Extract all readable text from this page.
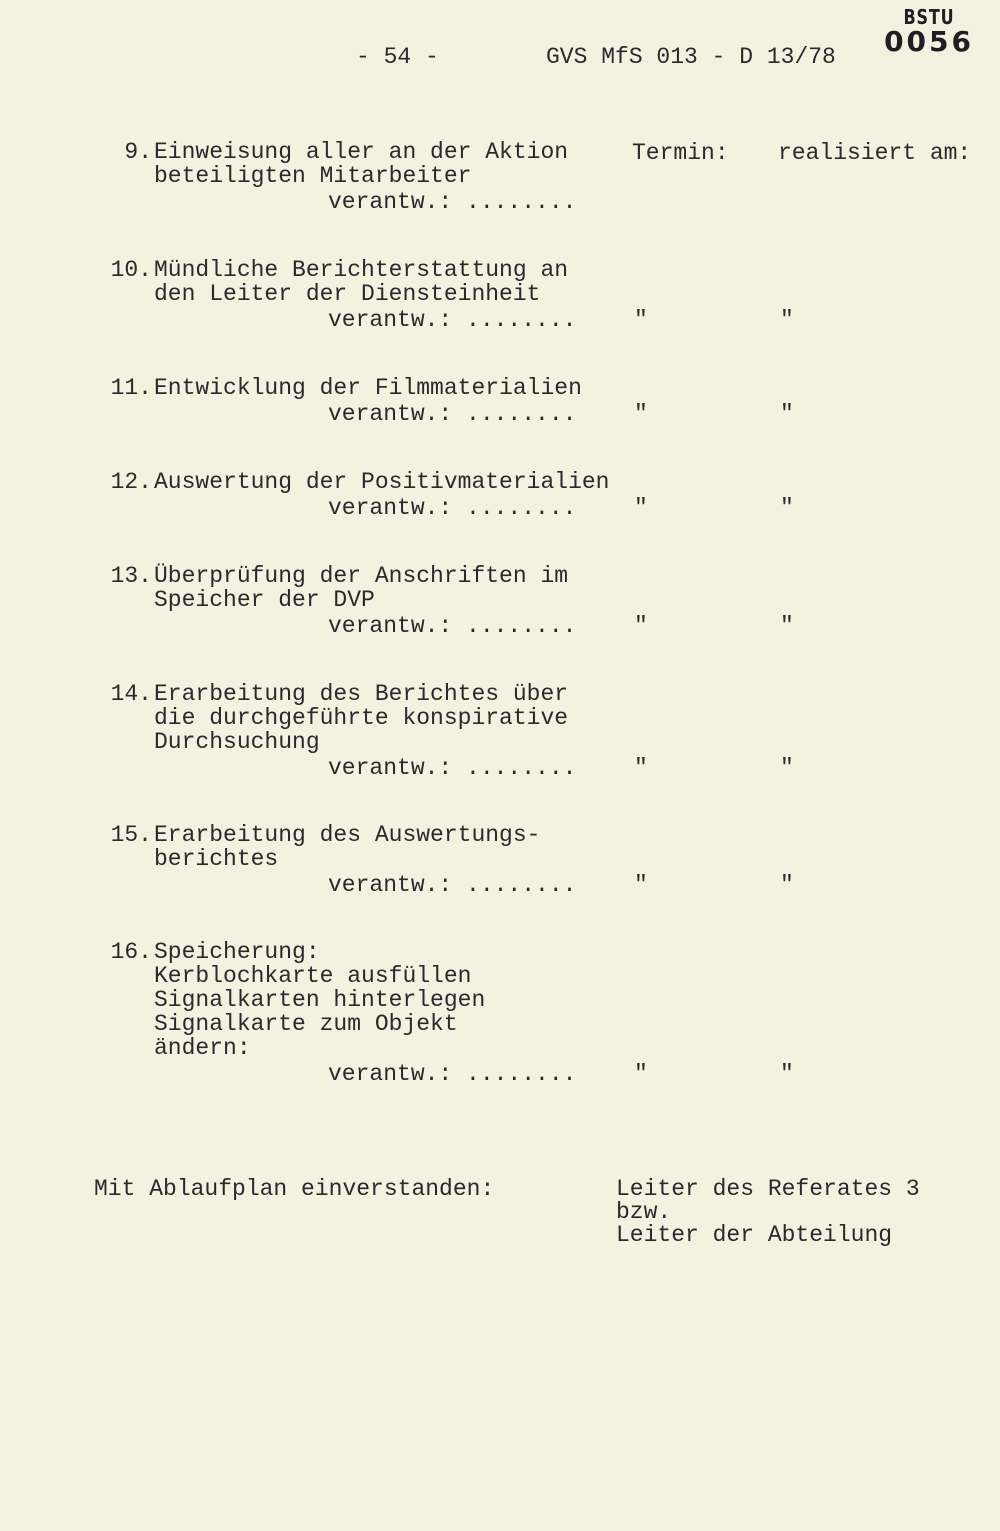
BSTU
0056
- 54 -	GVS MfS 013 - D 13/78
Termin: realisiert am:
9. Einweisung aller an der Aktion
beteiligten Mitarbeiter
verantw.: ........
10. Mündliche Berichterstattung an
den Leiter der Diensteinheit
verantw.: ........	"	"
11. Entwicklung der Filmmaterialien
verantw.: ........	"	"
12. Auswertung der Positivmaterialien
verantw.: ........	"	"
13. Überprüfung der Anschriften im
Speicher der DVP
verantw.: ........	"	"
14. Erarbeitung des Berichtes über
die durchgeführte konspirative
Durchsuchung
verantw.: ........	"	"
15. Erarbeitung des Auswertungs-
berichtes
verantw.: ........	"	"
16. Speicherung:
Kerblochkarte ausfüllen
Signalkarten hinterlegen
Signalkarte zum Objekt
ändern:
verantw.: ........	"	"
Mit Ablaufplan einverstanden:	Leiter des Referates 3
bzw.
Leiter der Abteilung
